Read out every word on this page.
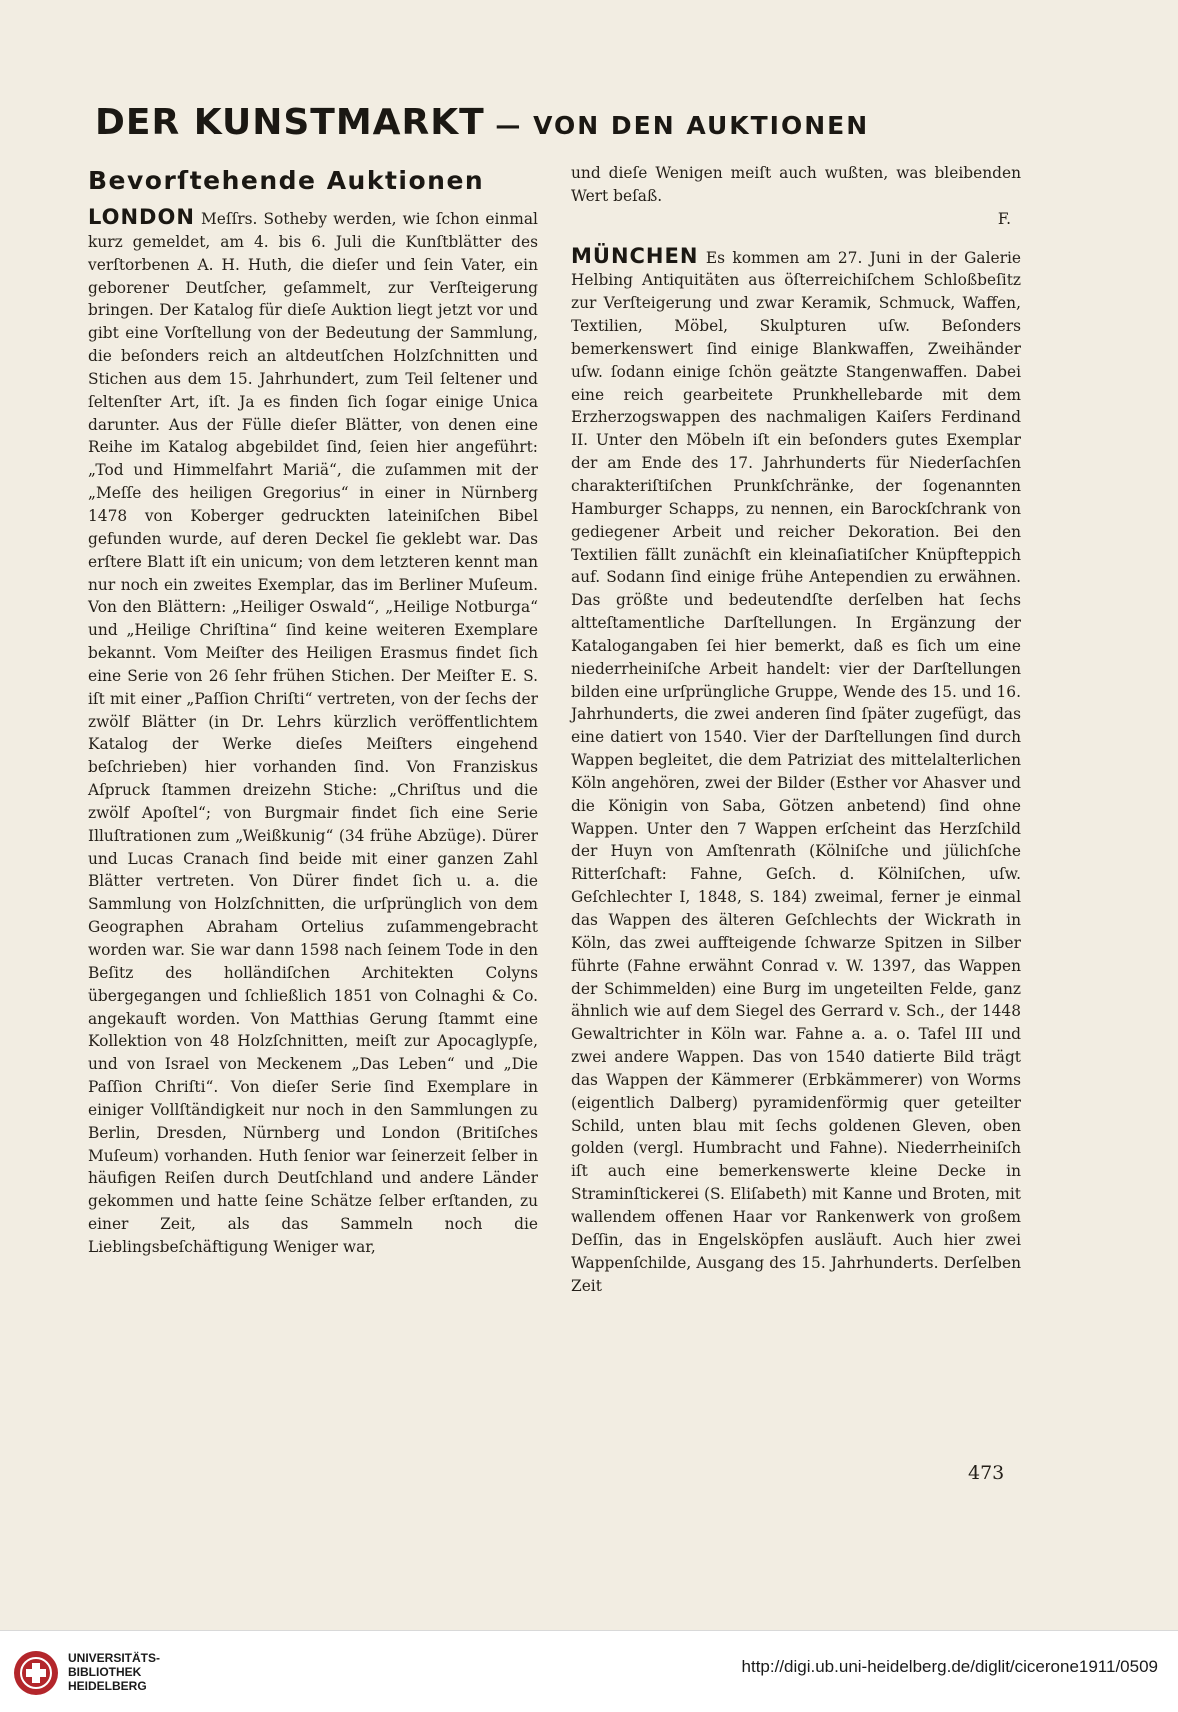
DER KUNSTMARKT — VON DEN AUKTIONEN
Bevorſtehende Auktionen

LONDON Meſſrs. Sotheby werden, wie ſchon einmal kurz gemeldet, am 4. bis 6. Juli die Kunſtblätter des verſtorbenen A. H. Huth, die dieſer und ſein Vater, ein geborener Deutſcher, geſammelt, zur Verſteigerung bringen. Der Katalog für dieſe Auktion liegt jetzt vor und gibt eine Vorſtellung von der Bedeutung der Sammlung, die beſonders reich an altdeutſchen Holzſchnitten und Stichen aus dem 15. Jahrhundert, zum Teil ſeltener und ſeltenſter Art, iſt. Ja es finden ſich ſogar einige Unica darunter. Aus der Fülle dieſer Blätter, von denen eine Reihe im Katalog abgebildet ſind, ſeien hier angeführt: „Tod und Himmelfahrt Mariä“, die zuſammen mit der „Meſſe des heiligen Gregorius“ in einer in Nürnberg 1478 von Koberger gedruckten lateiniſchen Bibel gefunden wurde, auf deren Deckel ſie geklebt war. Das erſtere Blatt iſt ein unicum; von dem letzteren kennt man nur noch ein zweites Exemplar, das im Berliner Muſeum. Von den Blättern: „Heiliger Oswald“, „Heilige Notburga“ und „Heilige Chriſtina“ ſind keine weiteren Exemplare bekannt. Vom Meiſter des Heiligen Erasmus findet ſich eine Serie von 26 ſehr frühen Stichen. Der Meiſter E. S. iſt mit einer „Paſſion Chriſti“ vertreten, von der ſechs der zwölf Blätter (in Dr. Lehrs kürzlich veröffentlichtem Katalog der Werke dieſes Meiſters eingehend beſchrieben) hier vorhanden ſind. Von Franziskus Aſpruck ſtammen dreizehn Stiche: „Chriſtus und die zwölf Apoſtel“; von Burgmair findet ſich eine Serie Illuſtrationen zum „Weißkunig“ (34 frühe Abzüge). Dürer und Lucas Cranach ſind beide mit einer ganzen Zahl Blätter vertreten. Von Dürer findet ſich u. a. die Sammlung von Holzſchnitten, die urſprünglich von dem Geographen Abraham Ortelius zuſammengebracht worden war. Sie war dann 1598 nach ſeinem Tode in den Beſitz des holländiſchen Architekten Colyns übergegangen und ſchließlich 1851 von Colnaghi & Co. angekauft worden. Von Matthias Gerung ſtammt eine Kollektion von 48 Holzſchnitten, meiſt zur Apocaglypſe, und von Israel von Meckenem „Das Leben“ und „Die Paſſion Chriſti“. Von dieſer Serie ſind Exemplare in einiger Vollſtändigkeit nur noch in den Sammlungen zu Berlin, Dresden, Nürnberg und London (Britiſches Muſeum) vorhanden. Huth ſenior war ſeinerzeit ſelber in häufigen Reiſen durch Deutſchland und andere Länder gekommen und hatte ſeine Schätze ſelber erſtanden, zu einer Zeit, als das Sammeln noch die Lieblingsbeſchäftigung Weniger war,

und dieſe Wenigen meiſt auch wußten, was bleibenden Wert beſaß.

F.

MÜNCHEN Es kommen am 27. Juni in der Galerie Helbing Antiquitäten aus öſterreichiſchem Schloßbeſitz zur Verſteigerung und zwar Keramik, Schmuck, Waffen, Textilien, Möbel, Skulpturen uſw. Beſonders bemerkenswert ſind einige Blankwaffen, Zweihänder uſw. ſodann einige ſchön geätzte Stangenwaffen. Dabei eine reich gearbeitete Prunkhellebarde mit dem Erzherzogswappen des nachmaligen Kaiſers Ferdinand II. Unter den Möbeln iſt ein beſonders gutes Exemplar der am Ende des 17. Jahrhunderts für Niederſachſen charakteriſtiſchen Prunkſchränke, der ſogenannten Hamburger Schapps, zu nennen, ein Barockſchrank von gediegener Arbeit und reicher Dekoration. Bei den Textilien fällt zunächſt ein kleinaſiatiſcher Knüpfteppich auf. Sodann ſind einige frühe Antependien zu erwähnen. Das größte und bedeutendſte derſelben hat ſechs altteſtamentliche Darſtellungen. In Ergänzung der Katalogangaben ſei hier bemerkt, daß es ſich um eine niederrheiniſche Arbeit handelt: vier der Darſtellungen bilden eine urſprüngliche Gruppe, Wende des 15. und 16. Jahrhunderts, die zwei anderen ſind ſpäter zugefügt, das eine datiert von 1540. Vier der Darſtellungen ſind durch Wappen begleitet, die dem Patriziat des mittelalterlichen Köln angehören, zwei der Bilder (Esther vor Ahasver und die Königin von Saba, Götzen anbetend) ſind ohne Wappen. Unter den 7 Wappen erſcheint das Herzſchild der Huyn von Amſtenrath (Kölniſche und jülichſche Ritterſchaft: Fahne, Geſch. d. Kölniſchen, uſw. Geſchlechter I, 1848, S. 184) zweimal, ferner je einmal das Wappen des älteren Geſchlechts der Wickrath in Köln, das zwei auffteigende ſchwarze Spitzen in Silber führte (Fahne erwähnt Conrad v. W. 1397, das Wappen der Schimmelden) eine Burg im ungeteilten Felde, ganz ähnlich wie auf dem Siegel des Gerrard v. Sch., der 1448 Gewaltrichter in Köln war. Fahne a. a. o. Tafel III und zwei andere Wappen. Das von 1540 datierte Bild trägt das Wappen der Kämmerer (Erbkämmerer) von Worms (eigentlich Dalberg) pyramidenförmig quer geteilter Schild, unten blau mit ſechs goldenen Gleven, oben golden (vergl. Humbracht und Fahne). Niederrheiniſch iſt auch eine bemerkenswerte kleine Decke in Straminſtickerei (S. Eliſabeth) mit Kanne und Broten, mit wallendem offenen Haar vor Rankenwerk von großem Deſſin, das in Engelsköpfen ausläuft. Auch hier zwei Wappenſchilde, Ausgang des 15. Jahrhunderts. Derſelben Zeit

473
UNIVERSITÄTS-
BIBLIOTHEK
HEIDELBERG
http://digi.ub.uni-heidelberg.de/diglit/cicerone1911/0509
